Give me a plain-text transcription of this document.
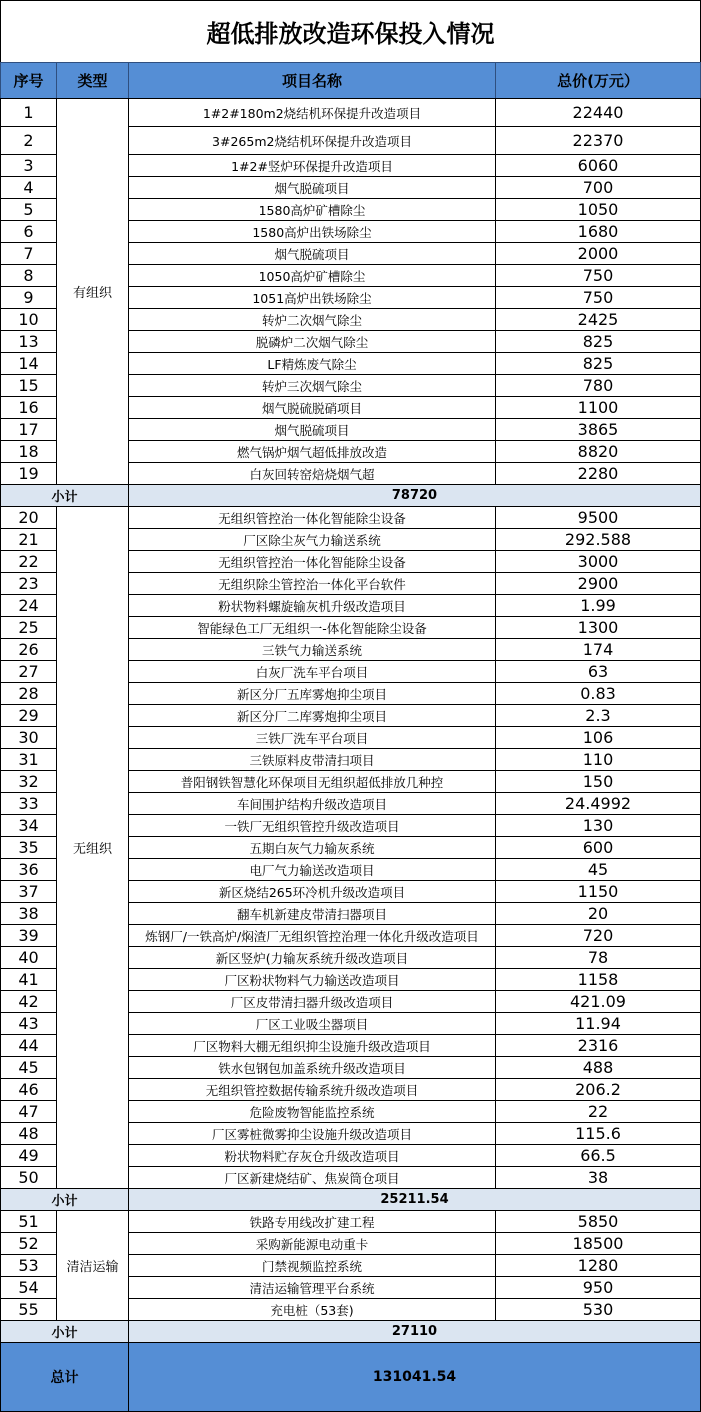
超低排放改造环保投入情况
序号	类型	项目名称	总价(万元）
1	1#2#180m2烧结机环保提升改造项目	22440
2	3#265m2烧结机环保提升改造项目	22370
3	1#2#竖炉环保提升改造项目	6060
4	烟气脱硫项目	700
5	1580高炉矿槽除尘	1050
6	1580高炉出铁场除尘	1680
7	烟气脱硫项目	2000
8	1050高炉矿槽除尘	750
9	1051高炉出铁场除尘	750
10	转炉二次烟气除尘	2425
13	脱磷炉二次烟气除尘	825
14	LF精炼废气除尘	825
15	转炉三次烟气除尘	780
16	烟气脱硫脱硝项目	1100
17	烟气脱硫项目	3865
18	燃气锅炉烟气超低排放改造	8820
19	白灰回转窑焙烧烟气超	2280
有组织
小计	78720
20	无组织管控治一体化智能除尘设备	9500
21	厂区除尘灰气力输送系统	292.588
22	无组织管控治一体化智能除尘设备	3000
23	无组织除尘管控治一体化平台软件	2900
24	粉状物料螺旋输灰机升级改造项目	1.99
25	智能绿色工厂无组织一-体化智能除尘设备	1300
26	三铁气力输送系统	174
27	白灰厂洗车平台项目	63
28	新区分厂五库雾炮抑尘项目	0.83
29	新区分厂二库雾炮抑尘项目	2.3
30	三铁厂洗车平台项目	106
31	三铁原料皮带清扫项目	110
32	普阳钢铁智慧化环保项目无组织超低排放几种控	150
33	车间围护结构升级改造项目	24.4992
34	一铁厂无组织管控升级改造项目	130
35	五期白灰气力输灰系统	600
36	电厂气力输送改造项目	45
37	新区烧结265环冷机升级改造项目	1150
38	翻车机新建皮带清扫器项目	20
39	炼钢厂/一铁高炉/焖渣厂无组织管控治理一体化升级改造项目	720
40	新区竖炉(力输灰系统升级改造项目	78
41	厂区粉状物料气力输送改造项目	1158
42	厂区皮带清扫器升级改造项目	421.09
43	厂区工业吸尘器项目	11.94
44	厂区物料大棚无组织抑尘设施升级改造项目	2316
45	铁水包钢包加盖系统升级改造项目	488
46	无组织管控数据传输系统升级改造项目	206.2
47	危险废物智能监控系统	22
48	厂区雾桩微雾抑尘设施升级改造项目	115.6
49	粉状物料贮存灰仓升级改造项目	66.5
50	厂区新建烧结矿、焦炭筒仓项目	38
无组织
小计	25211.54
51	铁路专用线改扩建工程	5850
52	采购新能源电动重卡	18500
53	门禁视频监控系统	1280
54	清洁运输管理平台系统	950
55	充电桩（53套)	530
清洁运输
小计	27110
总计	131041.54
